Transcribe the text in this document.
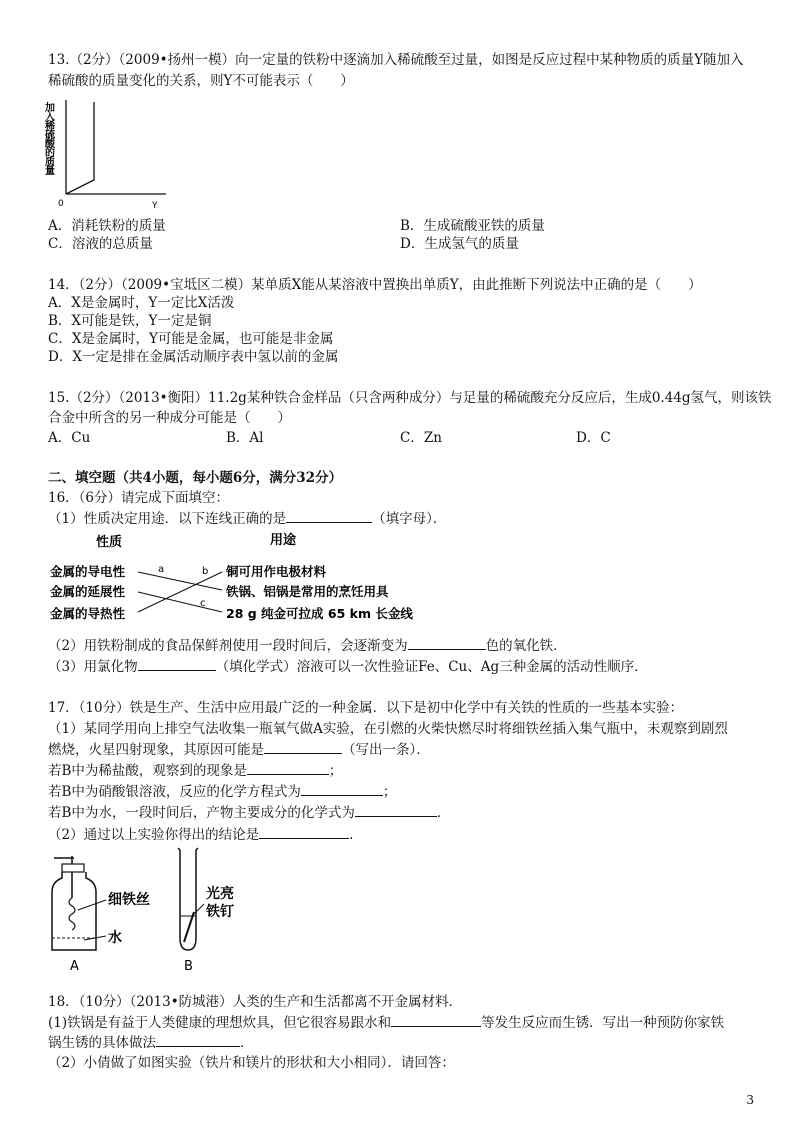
13.（2分）（2009•扬州一模）向一定量的铁粉中逐滴加入稀硫酸至过量，如图是反应过程中某种物质的质量Y随加入
稀硫酸的质量变化的关系，则Y不可能表示（　　）
加入稀硫酸的质量
0	Y
A．消耗铁粉的质量	B．生成硫酸亚铁的质量
C．溶液的总质量	D．生成氢气的质量
14．（2分）（2009•宝坻区二模）某单质X能从某溶液中置换出单质Y，由此推断下列说法中正确的是（　　）
A．X是金属时，Y一定比X活泼
B．X可能是铁，Y一定是铜
C．X是金属时，Y可能是金属，也可能是非金属
D．X一定是排在金属活动顺序表中氢以前的金属
15.（2分）（2013•衡阳）11.2g某种铁合金样品（只含两种成分）与足量的稀硫酸充分反应后，生成0.44g氢气，则该铁
合金中所含的另一种成分可能是（　　）
A．Cu	B．Al	C．Zn	D．C
二、填空题（共4小题，每小题6分，满分32分）
16．（6分）请完成下面填空：
（1）性质决定用途．以下连线正确的是	（填字母）．
性质	用途
金属的导电性
金属的延展性
金属的导热性
铜可用作电极材料
铁锅、铝锅是常用的烹饪用具
28 g 纯金可拉成 65 km 长金线
a	b
c
（2）用铁粉制成的食品保鲜剂使用一段时间后，会逐渐变为	色的氧化铁．
（3）用氯化物	（填化学式）溶液可以一次性验证Fe、Cu、Ag三种金属的活动性顺序．
17．（10分）铁是生产、生活中应用最广泛的一种金属．以下是初中化学中有关铁的性质的一些基本实验：
（1）某同学用向上排空气法收集一瓶氧气做A实验，在引燃的火柴快燃尽时将细铁丝插入集气瓶中，未观察到剧烈
燃烧，火星四射现象，其原因可能是	（写出一条）．
若B中为稀盐酸，观察到的现象是	；
若B中为硝酸银溶液，反应的化学方程式为	；
若B中为水，一段时间后，产物主要成分的化学式为	．
（2）通过以上实验你得出的结论是	．
细铁丝
水
A
光亮
铁钉
B
18．（10分）（2013•防城港）人类的生产和生活都离不开金属材料．
(1)铁锅是有益于人类健康的理想炊具，但它很容易跟水和	等发生反应而生锈．写出一种预防你家铁
锅生锈的具体做法	．
（2）小倩做了如图实验（铁片和镁片的形状和大小相同）．请回答：
3
